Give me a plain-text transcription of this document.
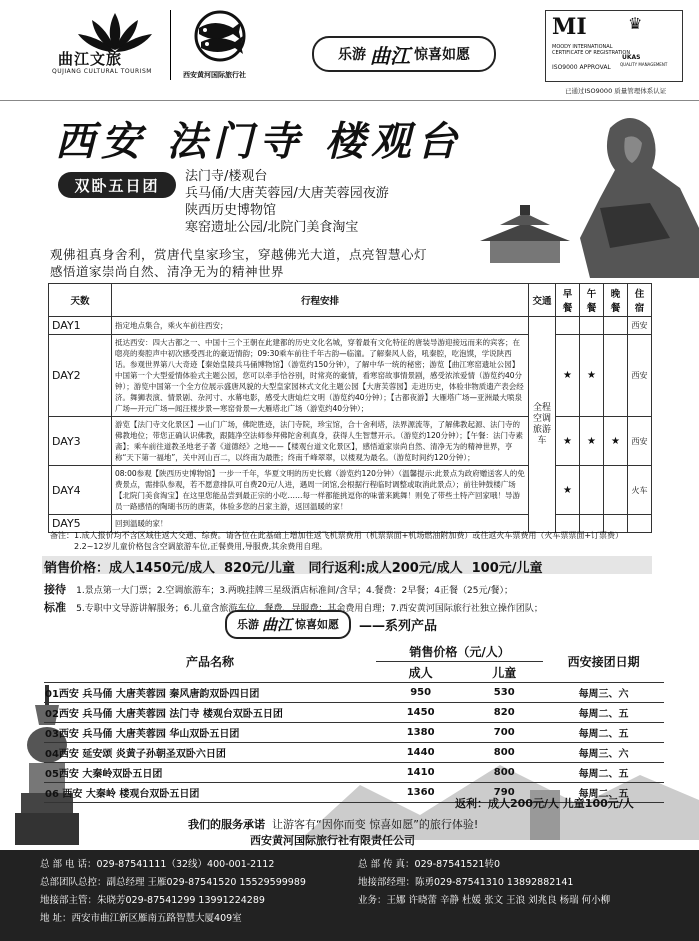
曲江文旅
QUJIANG CULTURAL TOURISM	西安黄河国际旅行社
乐游 曲江 惊喜如愿
MI
MOODY INTERNATIONAL
CERTIFICATE OF REGISTRATION
ISO9000 APPROVAL
♛
UKAS
QUALITY MANAGEMENT
已通过ISO9000 质量管理体系认证
西安 法门寺 楼观台
双卧五日团	法门寺/楼观台
兵马俑/大唐芙蓉园/大唐芙蓉园夜游
陕西历史博物馆
寒窑遗址公园/北院门美食淘宝
观佛祖真身舍利，赏唐代皇家珍宝，穿越佛光大道，点亮智慧心灯
感悟道家崇尚自然、清净无为的精神世界
天数	行程安排	交通	早餐	午餐	晚餐	住宿
DAY1	指定地点集合，乘火车前往西安；	全程空调旅游车				西安
DAY2	抵达西安：四大古都之一、中国十三个王朝在此建都的历史文化名城，穿着最有文化特征的唐装导游迎接远而来的宾客；在唿亮的奏腔声中初次感受西北的豪迈情韵；09:30乘车前往千年古韵—临潼。了解秦风人俗，吼秦腔，吃泡馍，学说陕西话。参观世界第八大奇迹【秦始皇陵兵马俑博物馆】（游览约150分钟），了解中华一统的秘密；游览【曲江寒窑遗址公园】中国第一个大型爱情体验式主题公园，您可以牵手恰谷别，时常亮的豪情，看寒窑故事情景剧，感受浓浓爱情（游览约40分钟）；游览中国第一个全方位展示盛唐风貌的大型皇家园林式文化主题公园【大唐芙蓉园】走进历史，体验非物质遗产表会经济。舞狮表演、情景剧、杂河寸、水幕电影，感受大唐灿烂文明（游览约40分钟）；【古都夜游】大雁塔广场—亚洲最大喷泉广场—开元广场—闻汪楼步景—寒窑骨景—大雁塔北广场（游览约40分钟）；		★	★		西安
DAY3	游览【法门寺文化景区】—山门广场，佛陀胜迹，法门寺院，珍宝馆，合十舍利塔，法界源流等，了解佛教起源、法门寺的佛教地位；带您正确认识佛教，跟随净空法师参拜佛陀舍利真身，获得人生智慧开示。（游览约120分钟）；【午餐：法门寺素斋】；乘车前往道教圣地老子著《道德经》之地——【楼观台道文化景区】，感悟道家崇尚自然、清净无为的精神世界，亨称“天下第一福地”，关中河山百二，以终南为最胜；终南千峰翠翠，以楼观为最名。（游览时间约120分钟）；		★	★	★	西安
DAY4	08:00参观【陕西历史博物馆】一步一千年，华夏文明的历史长廊（游览约120分钟）（温馨提示:此景点为政府赠送客人的免费景点，需排队参观，若不愿意排队可自费20元/人进，遇周一闭馆,会根据行程临时调整或取消此景点）；前往钟鼓楼广场【北院门美食淘宝】在这里您能品尝到最正宗的小吃……每一样都能挑逗你的味蕾来跳舞！则免了带些土特产回家哦！导游员一路感悟的陶瑚书历的唐菜，体验多您的吕家主游，返回温暖的家！		★			火车
DAY5	回到温暖的家！					
备注：1.成人报价均不含区域往返大交通、综费。请各位在此基础上增加往返飞机票费用（机票票面+机场燃油附加费）或往返火车票费用（火车票票面+订票费）
2.2~12岁儿童价格包含空调旅游车位,正餐费用,导服费,其余费用自理。
销售价格：成人1450元/成人 820元/儿童 同行返利:成人200元/成人 100元/儿童
接待 1.景点第一大门票；2.空调旅游车；3.两晚挂牌三星级酒店标准间/含早；4.餐费：2早餐；4正餐（25元/餐）；
标准 5.专职中文导游讲解服务；6.儿童含旅游车位、餐费、导服费；其余费用自理；7.西安黄河国际旅行社独立操作团队；
乐游 曲江 惊喜如愿 ——系列产品
产品名称	销售价格（元/人）		西安接团日期
	成人	儿童	
01西安 兵马俑 大唐芙蓉园 秦风唐韵双卧四日团	950	530	每周三、六
02西安 兵马俑 大唐芙蓉园 法门寺 楼观台双卧五日团	1450	820	每周二、五
03西安 兵马俑 大唐芙蓉园 华山双卧五日团	1380	700	每周二、五
04西安 延安颂 炎黄子孙朝圣双卧六日团	1440	800	每周三、六
05西安 大秦岭双卧五日团	1410	800	每周二、五
06 西安 大秦岭 楼观台双卧五日团	1360	790	每周二、五
返利：成人200元/人 儿童100元/人
我们的服务承诺 让游客有“因你而变 惊喜如愿”的旅行体验!
西安黄河国际旅行社有限责任公司
总 部 电 话：029-87541111（32线）400-001-2112	总 部 传 真：029-87541521转0
总部团队总控：副总经理 王雁029-87541520 15529599989	地接部经理：陈勇029-87541310 13892882141
地接部主管：朱晓芳029-87541299 13991224289	业务：王娜 许晓蕾 辛静 杜媛 张文 王浪 刘兆良 杨瑞 何小柳
地 址：西安市曲江新区雁南五路智慧大厦409室
